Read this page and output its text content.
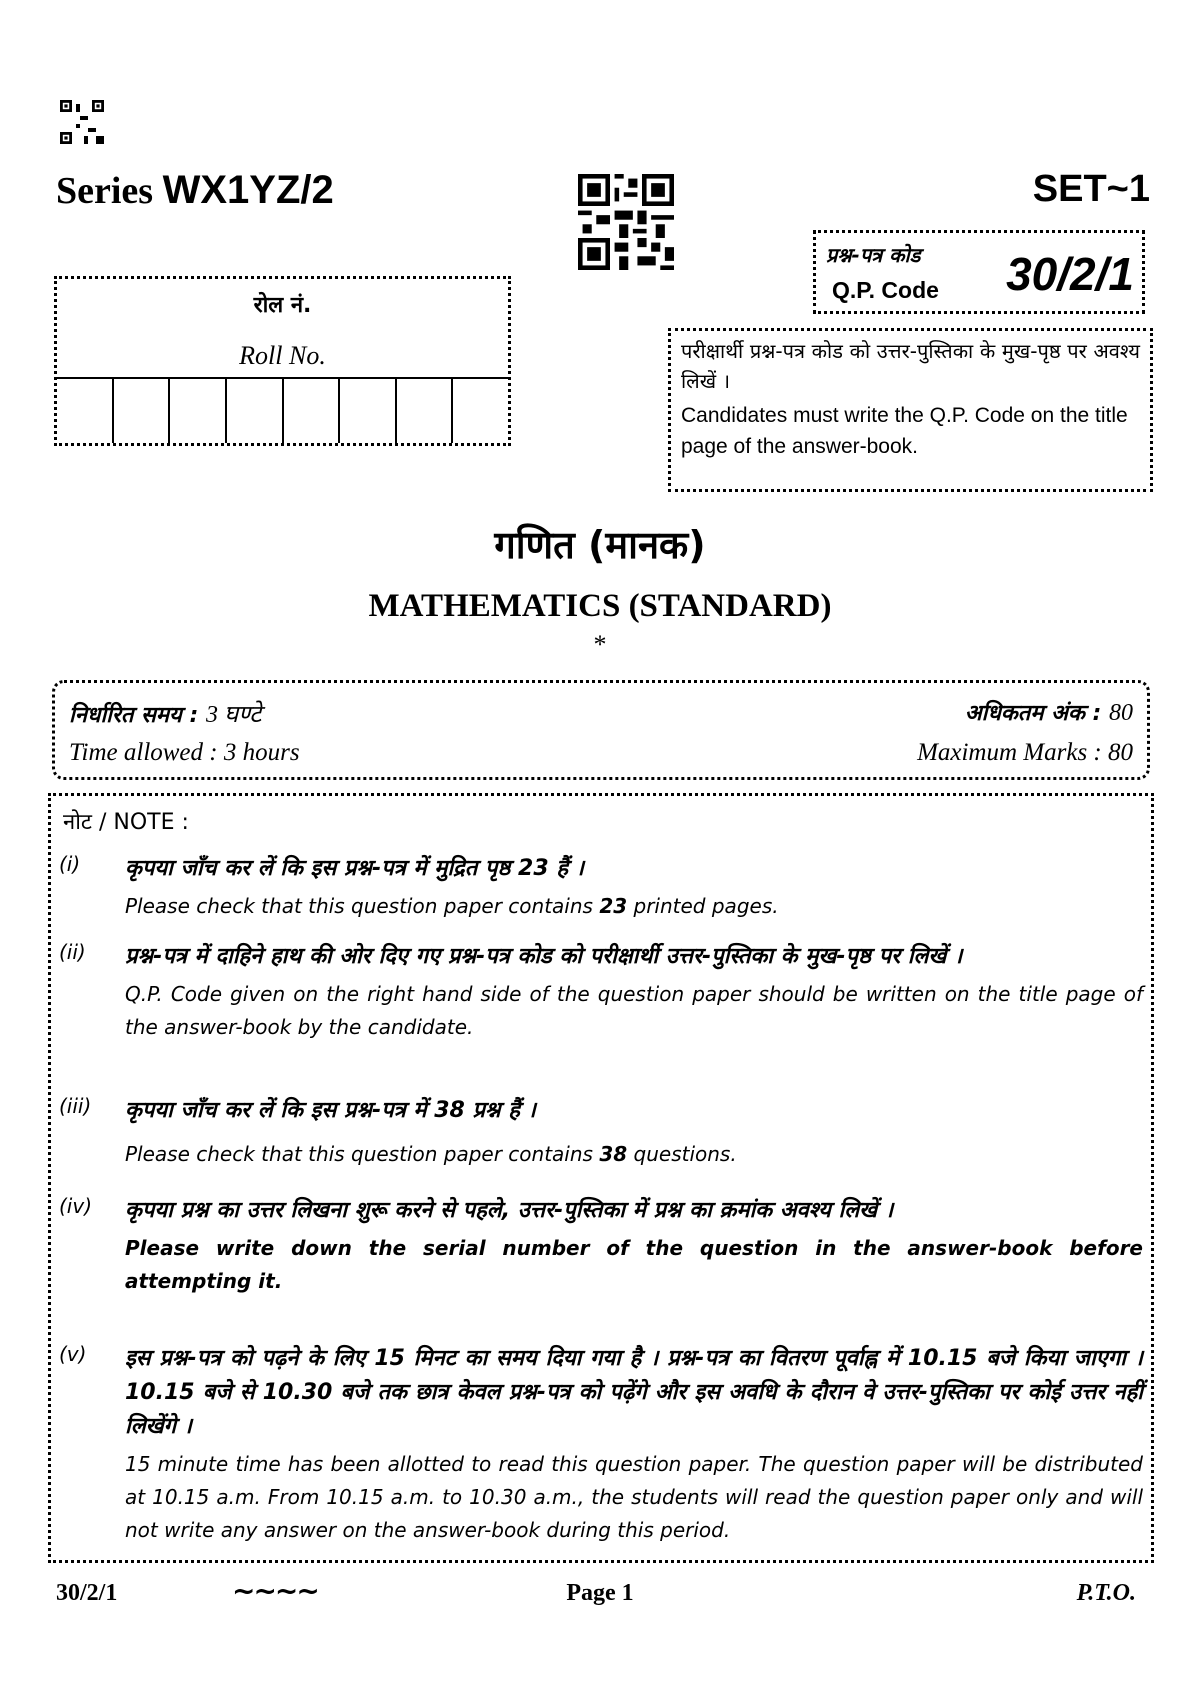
Series WX1YZ/2	SET~1
प्रश्न-पत्र कोड
Q.P. Code 30/2/1
रोल नं.
Roll No.	परीक्षार्थी प्रश्न-पत्र कोड को उत्तर-पुस्तिका के मुख-पृष्ठ पर अवश्य लिखें ।
Candidates must write the Q.P. Code on the title page of the answer-book.
गणित (मानक)
MATHEMATICS (STANDARD)
*
निर्धारित समय : 3 घण्टे
Time allowed : 3 hours
अधिकतम अंक : 80
Maximum Marks : 80
नोट / NOTE :
(i) कृपया जाँच कर लें कि इस प्रश्न-पत्र में मुद्रित पृष्ठ 23 हैं ।
Please check that this question paper contains 23 printed pages.
(ii) प्रश्न-पत्र में दाहिने हाथ की ओर दिए गए प्रश्न-पत्र कोड को परीक्षार्थी उत्तर-पुस्तिका के मुख-पृष्ठ पर लिखें ।
Q.P. Code given on the right hand side of the question paper should be written on the title page of the answer-book by the candidate.
(iii) कृपया जाँच कर लें कि इस प्रश्न-पत्र में 38 प्रश्न हैं ।
Please check that this question paper contains 38 questions.
(iv) कृपया प्रश्न का उत्तर लिखना शुरू करने से पहले, उत्तर-पुस्तिका में प्रश्न का क्रमांक अवश्य लिखें ।
Please write down the serial number of the question in the answer-book before attempting it.
(v) इस प्रश्न-पत्र को पढ़ने के लिए 15 मिनट का समय दिया गया है । प्रश्न-पत्र का वितरण पूर्वाह्न में 10.15 बजे किया जाएगा । 10.15 बजे से 10.30 बजे तक छात्र केवल प्रश्न-पत्र को पढ़ेंगे और इस अवधि के दौरान वे उत्तर-पुस्तिका पर कोई उत्तर नहीं लिखेंगे ।
15 minute time has been allotted to read this question paper. The question paper will be distributed at 10.15 a.m. From 10.15 a.m. to 10.30 a.m., the students will read the question paper only and will not write any answer on the answer-book during this period.
30/2/1	~~~~	Page 1	P.T.O.
